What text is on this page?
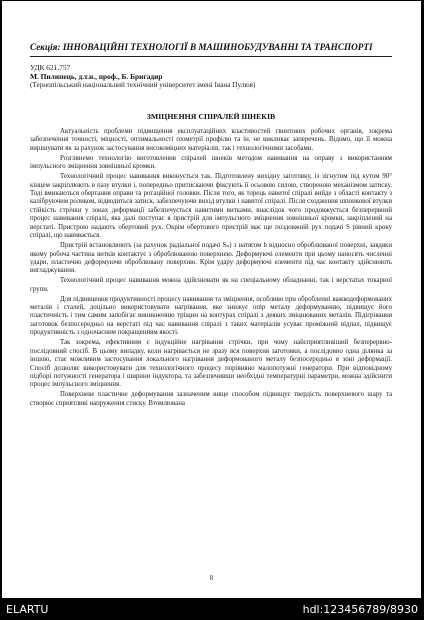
Секція: ІННОВАЦІЙНІ ТЕХНОЛОГІЇ В МАШИНОБУДУВАННІ ТА ТРАНСПОРТІ
УДК 621.757
М. Пилипець, д.т.н., проф., Б. Бригадир
(Тернопільський національний технічний університет імені Івана Пулюя)
ЗМІЦНЕННЯ СПІРАЛЕЙ ШНЕКІВ

Актуальність проблеми підвищення експлуатаційних властивостей гвинтових робочих органів, зокрема забезпечення точності, міцності, оптимальності геометрії профілю та ін. не викликає заперечень. Відомо, що її можна вирішувати як за рахунок застосування високоміцних матеріалів, так і технологічними засобами.

Розглянемо технологію виготовлення спіралей шнеків методом навивання на оправу з використанням імпульсного зміцнення зовнішньої кромки.

Технологічний процес навивання виконується так. Підготовлену вихідну заготовку, із зігнутим під кутом 90° кінцем закріплюють в пазу втулки і, попередньо притискаючи фіксують її осьовою силою, створеною механізмом затиску. Тоді вмикаються обертання оправи та ротаційної головки. Після того, як торець навитої спіралі вийде з області контакту з калібруючим роликом, відводиться затиск, забезпечуючи вихід втулки і навитої спіралі. Після сходження шпонкової втулки стійкість стрічки у зонах деформації забезпечується навитими витками, внаслідок чого продовжується безперервний процес навивання спіралі, яка далі поступає в пристрій для імпульсного зміцнення зовнішньої кромки, закріплений на верстаті. Пристрою надають обертовий рух. Окрім обертового пристрій має ще поздовжній рух подачі S рівний кроку спіралі, що навивається.

Пристрій встановлюють (за рахунок радіальної подачі Sₙ) з натягом h відносно оброблюваної поверхні, завдяки якому робоча частина витків контактує з оброблюваною поверхнею. Деформуючі елементи при цьому наносять численні удари, пластично деформуючи оброблювану поверхню. Крім удару деформуючі елементи під час контакту здійснюють вигладжування.

Технологічний процес навивання можна здійснювати як на спеціальному обладнанні, так і верстатах токарної групи.

Для підвищення продуктивності процесу навивання та зміцнення, особливо при обробленні важкодеформованих металів і сталей, доцільно використовувати нагрівання, яке знижує опір металу деформуванню, підвищує його пластичність і тим самим запобігає виникненню тріщин на контурах спіралі з деяких зміцнюваних металів. Підігрівання заготовок безпосередньо на верстаті під час навивання спіралі з таких матеріалів усуває проміжний відпал, підвищує продуктивність з одночасним покращенням якості.

Так зокрема, ефективним є індукційне нагрівання стрічки, при чому найсприятливіший безперервно-послідовний спосіб. В цьому випадку, коли нагрівається не зразу вся поверхня заготовки, а послідовно одна ділянка за іншою, стає можливим застосування локального нагрівання деформованого металу безпосередньо в зоні деформації. Спосіб дозволяє використовувати для технологічного процесу порівняно малопотужні генератори. При відповідному підборі потужності генератора і ширини індуктора, та забезпечивши необхідні температурні параметри, можна здійснити процес імпульсного зміцнення.

Поверхневе пластичне деформування зазначеним вище способом підвищує твердість поверхневого шару та створює сприятливі напруження стиску. Втомлювана

8
ELARTU	hdl:123456789/8930
